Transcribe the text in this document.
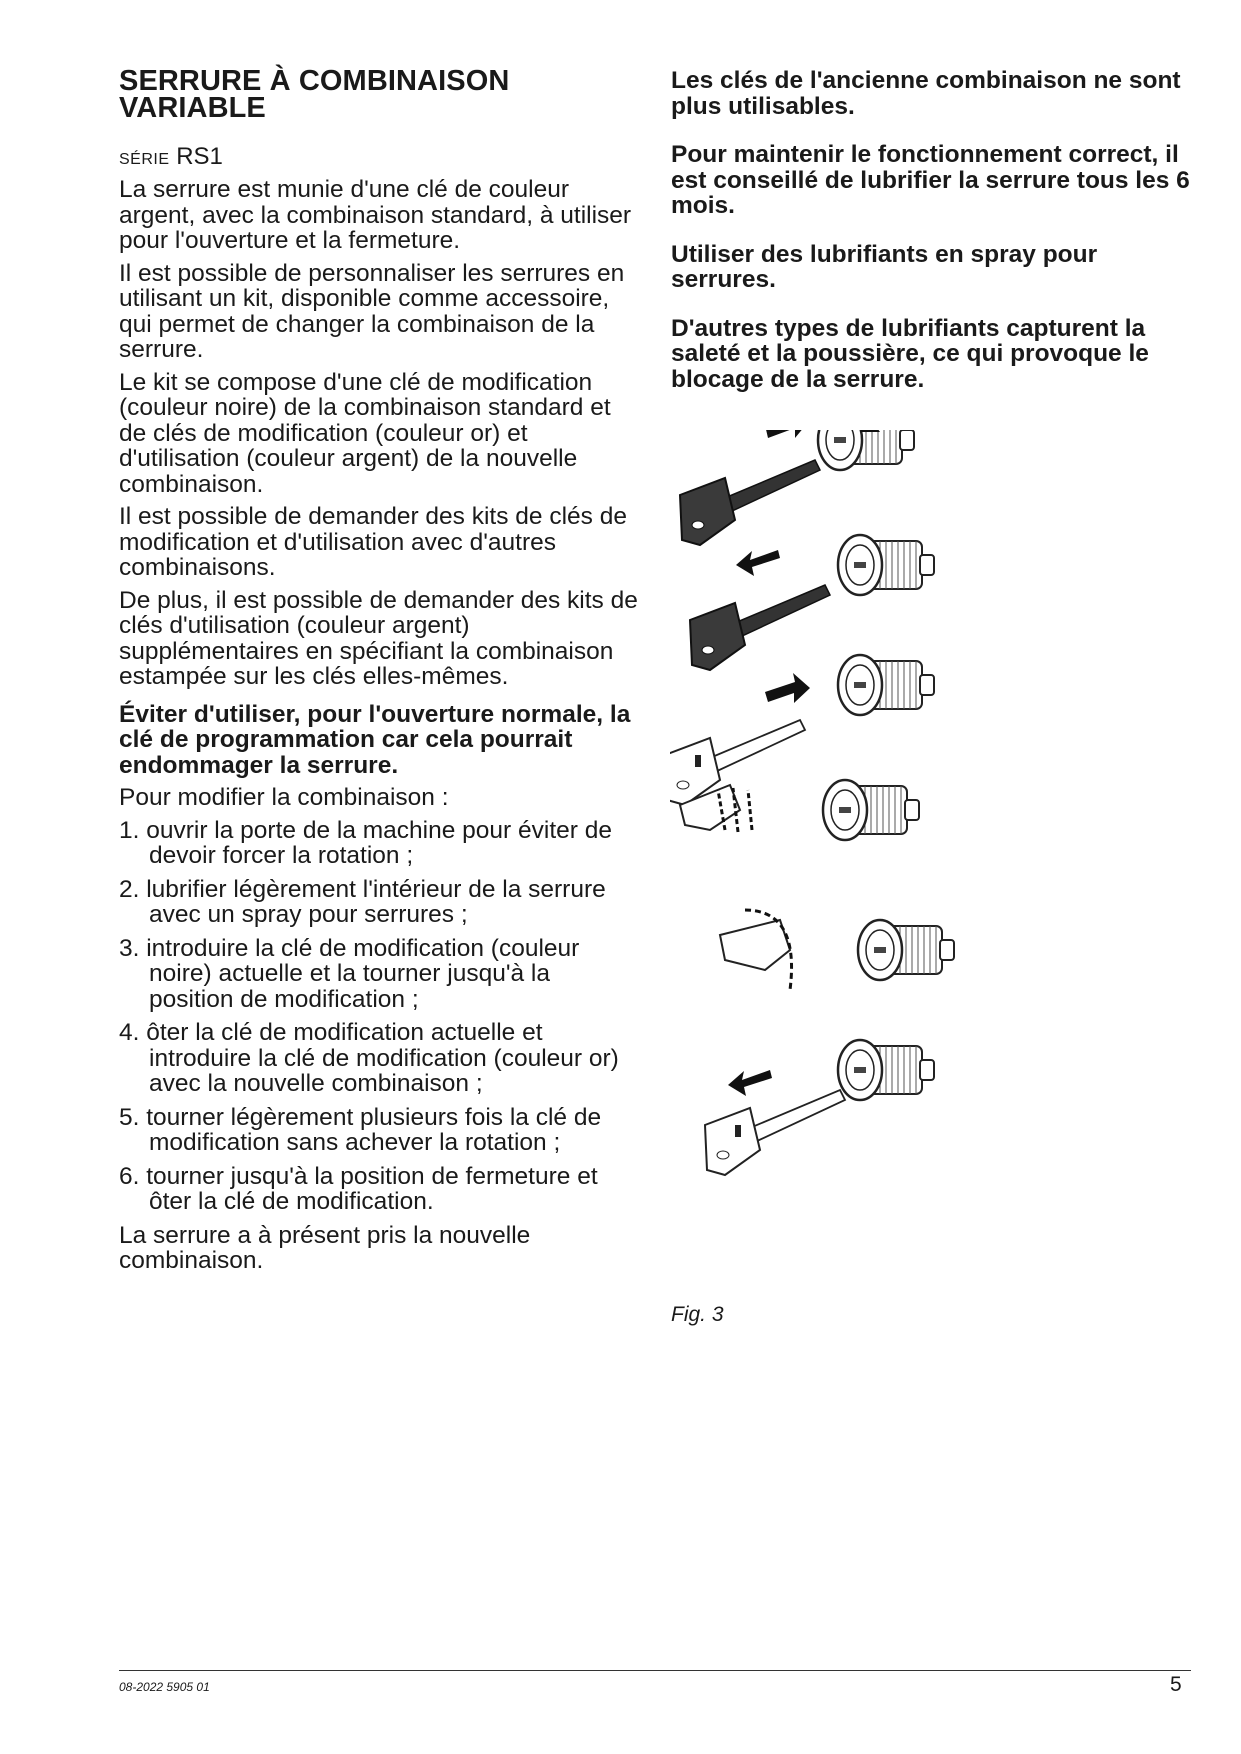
SERRURE À COMBINAISON
VARIABLE
SÉRIE RS1

La serrure est munie d'une clé de couleur argent, avec la combinaison standard, à utiliser pour l'ouverture et la fermeture.

Il est possible de personnaliser les serrures en utilisant un kit, disponible comme accessoire, qui permet de changer la combinaison de la serrure.

Le kit se compose d'une clé de modification (couleur noire) de la combinaison standard et de clés de modification (couleur or) et d'utilisation (couleur argent) de la nouvelle combinaison.

Il est possible de demander des kits de clés de modification et d'utilisation avec d'autres combinaisons.

De plus, il est possible de demander des kits de clés d'utilisation (couleur argent) supplémentaires en spécifiant la combinaison estampée sur les clés elles-mêmes.

Éviter d'utiliser, pour l'ouverture normale, la clé de programmation car cela pourrait endommager la serrure.

Pour modifier la combinaison :

1. ouvrir la porte de la machine pour éviter de devoir forcer la rotation ;
2. lubrifier légèrement l'intérieur de la serrure avec un spray pour serrures ;
3. introduire la clé de modification (couleur noire) actuelle et la tourner jusqu'à la position de modification ;
4. ôter la clé de modification actuelle et introduire la clé de modification (couleur or) avec la nouvelle combinaison ;
5. tourner légèrement plusieurs fois la clé de modification sans achever la rotation ;
6. tourner jusqu'à la position de fermeture et ôter la clé de modification.

La serrure a à présent pris la nouvelle combinaison.

Les clés de l'ancienne combinaison ne sont plus utilisables.
Pour maintenir le fonctionnement correct, il est conseillé de lubrifier la serrure tous les 6 mois.
Utiliser des lubrifiants en spray pour serrures.
D'autres types de lubrifiants capturent la saleté et la poussière, ce qui provoque le blocage de la serrure.
Fig. 3
08-2022 5905 01	5
